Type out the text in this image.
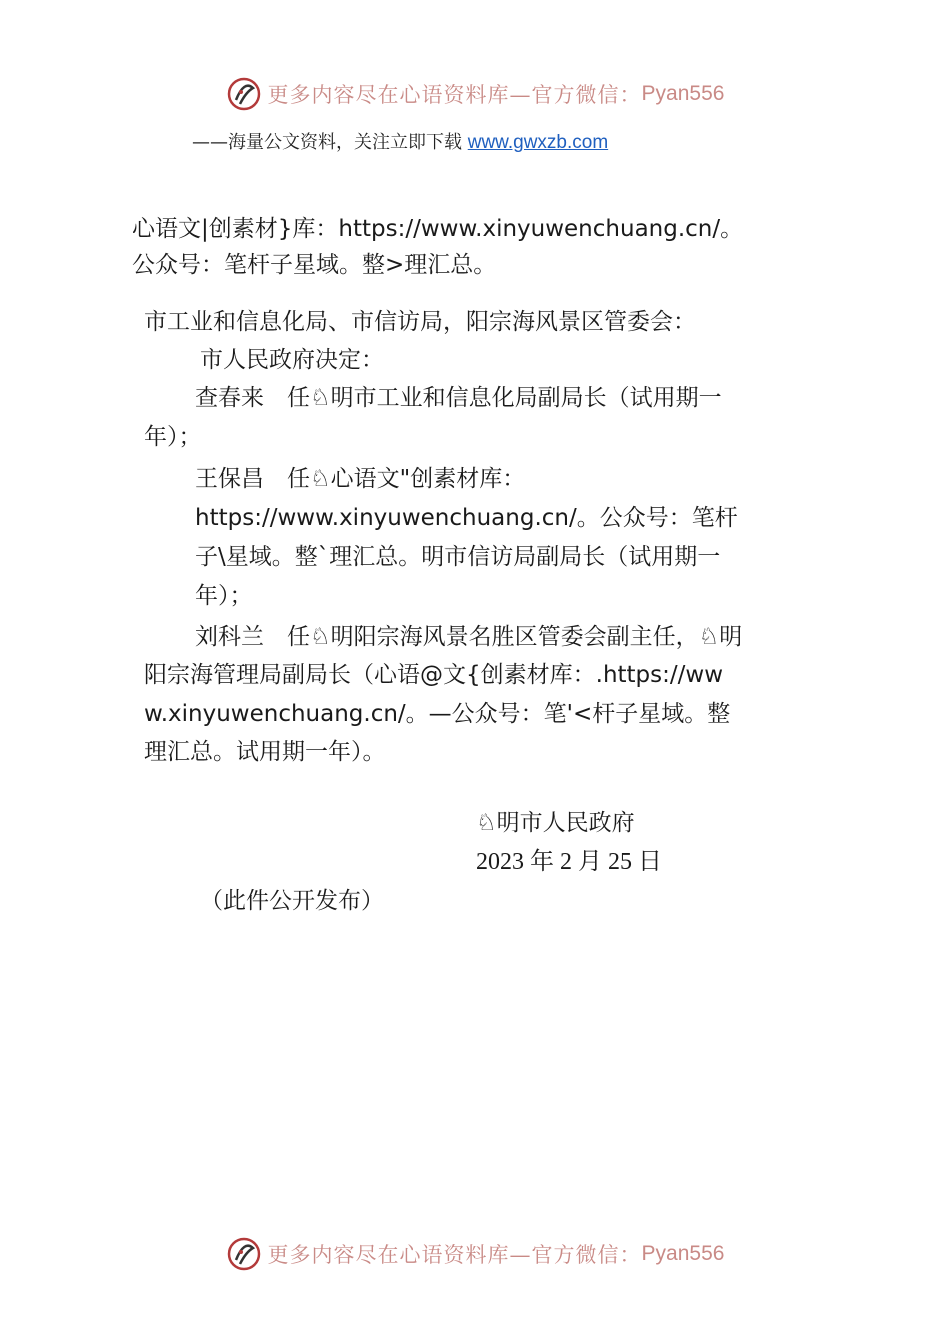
更多内容尽在心语资料库 —官方微信： Pyan556
——海量公文资料，关注立即下载 www.gwxzb.com
心语文|创素材}库：https://www.xinyuwenchuang.cn/。
公众号：笔杆子星域。整>理汇总。
市工业和信息化局、市信访局，阳宗海风景区管委会：
市人民政府决定：
查春来　任♘明市工业和信息化局副局长（试用期一
年）；
王保昌　任♘心语文"创素材库：
https://www.xinyuwenchuang.cn/。公众号：笔杆
子\星域。整`理汇总。明市信访局副局长（试用期一
年）；
刘科兰　任♘明阳宗海风景名胜区管委会副主任，♘明
阳宗海管理局副局长（心语@文{创素材库：.https://ww
w.xinyuwenchuang.cn/。—公众号：笔'<杆子星域。整
理汇总。试用期一年）。
♘明市人民政府
2023 年 2 月 25 日
（此件公开发布）
更多内容尽在心语资料库 —官方微信： Pyan556
